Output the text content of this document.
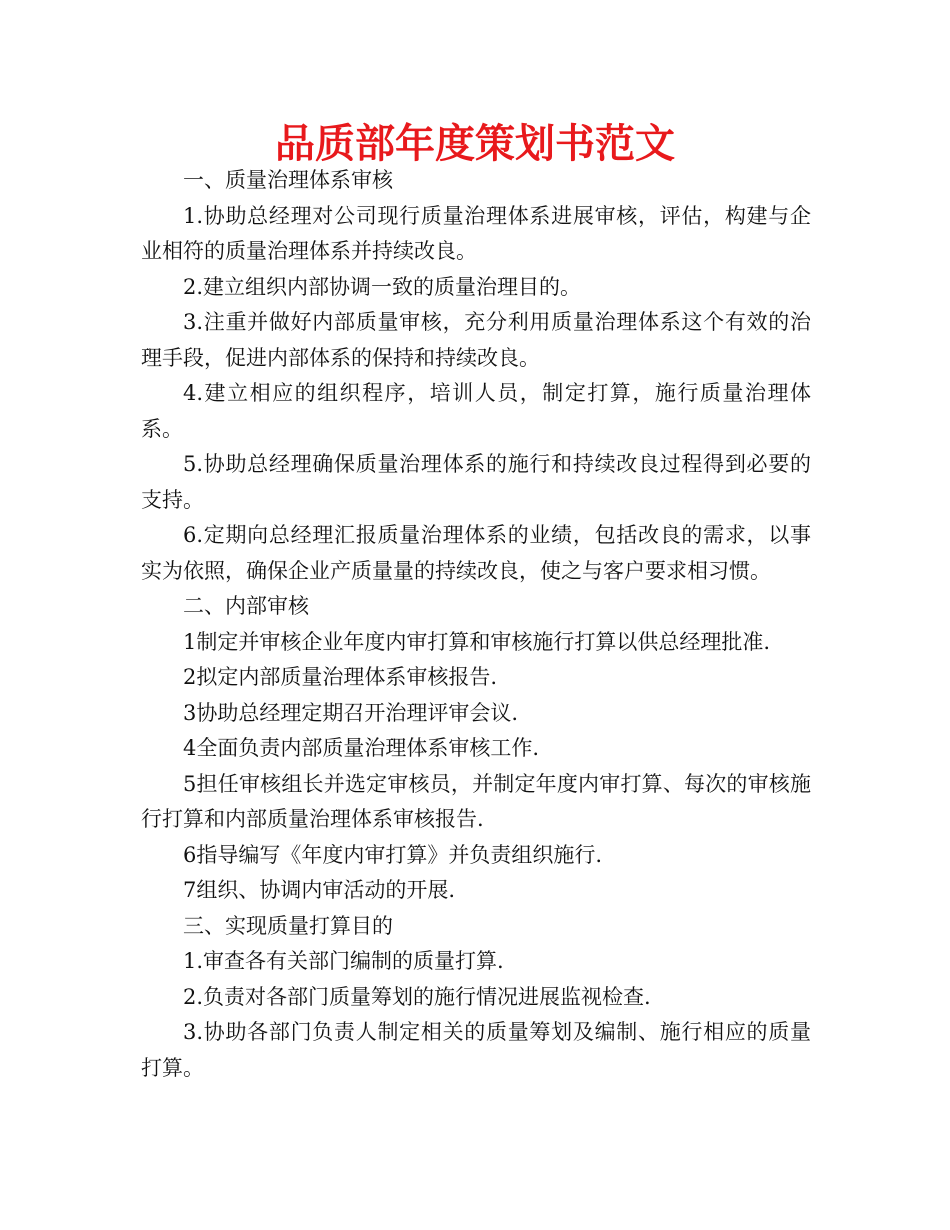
品质部年度策划书范文

一、质量治理体系审核

1.协助总经理对公司现行质量治理体系进展审核，评估，构建与企业相符的质量治理体系并持续改良。

2.建立组织内部协调一致的质量治理目的。

3.注重并做好内部质量审核，充分利用质量治理体系这个有效的治理手段，促进内部体系的保持和持续改良。

4.建立相应的组织程序，培训人员，制定打算，施行质量治理体系。

5.协助总经理确保质量治理体系的施行和持续改良过程得到必要的支持。

6.定期向总经理汇报质量治理体系的业绩，包括改良的需求，以事实为依照，确保企业产质量量的持续改良，使之与客户要求相习惯。

二、内部审核

1制定并审核企业年度内审打算和审核施行打算以供总经理批准.

2拟定内部质量治理体系审核报告.

3协助总经理定期召开治理评审会议.

4全面负责内部质量治理体系审核工作.

5担任审核组长并选定审核员，并制定年度内审打算、每次的审核施行打算和内部质量治理体系审核报告.

6指导编写《年度内审打算》并负责组织施行.

7组织、协调内审活动的开展.

三、实现质量打算目的

1.审查各有关部门编制的质量打算.

2.负责对各部门质量筹划的施行情况进展监视检查.

3.协助各部门负责人制定相关的质量筹划及编制、施行相应的质量打算。
